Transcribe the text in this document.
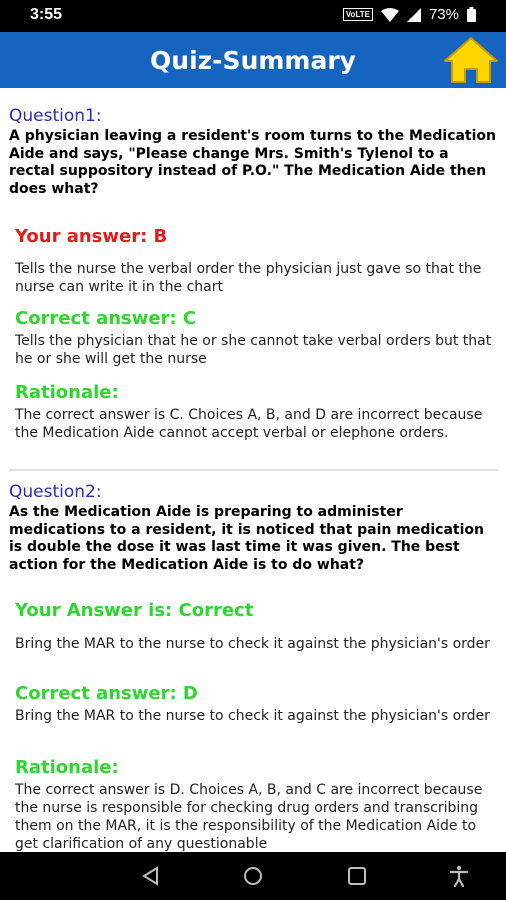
3:55	VoLTE	73%
Quiz-Summary

Question1:

A physician leaving a resident's room turns to the Medication Aide and says, "Please change Mrs. Smith's Tylenol to a rectal suppository instead of P.O." The Medication Aide then does what?

Your answer: B
Tells the nurse the verbal order the physician just gave so that the nurse can write it in the chart
Correct answer: C
Tells the physician that he or she cannot take verbal orders but that he or she will get the nurse
Rationale:
The correct answer is C. Choices A, B, and D are incorrect because the Medication Aide cannot accept verbal or elephone orders.

Question2:

As the Medication Aide is preparing to administer medications to a resident, it is noticed that pain medication is double the dose it was last time it was given. The best action for the Medication Aide is to do what?

Your Answer is: Correct
Bring the MAR to the nurse to check it against the physician's order
Correct answer: D
Bring the MAR to the nurse to check it against the physician's order
Rationale:
The correct answer is D. Choices A, B, and C are incorrect because the nurse is responsible for checking drug orders and transcribing them on the MAR, it is the responsibility of the Medication Aide to get clarification of any questionable
